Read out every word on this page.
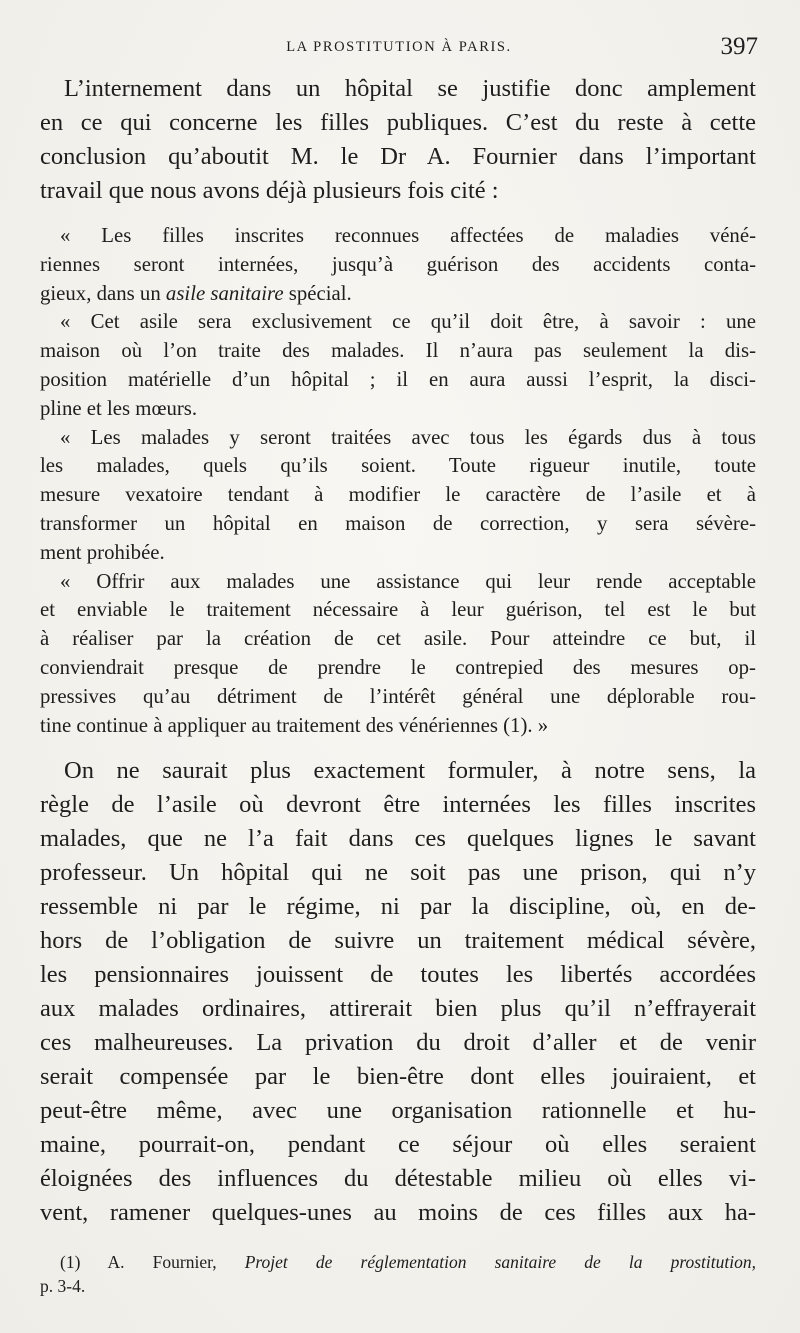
LA PROSTITUTION À PARIS.	397

L’internement dans un hôpital se justifie donc amplement

en ce qui concerne les filles publiques. C’est du reste à cette

conclusion qu’aboutit M. le Dr A. Fournier dans l’important

travail que nous avons déjà plusieurs fois cité :

« Les filles inscrites reconnues affectées de maladies véné-

riennes seront internées, jusqu’à guérison des accidents conta-

gieux, dans un asile sanitaire spécial.

« Cet asile sera exclusivement ce qu’il doit être, à savoir : une

maison où l’on traite des malades. Il n’aura pas seulement la dis-

position matérielle d’un hôpital ; il en aura aussi l’esprit, la disci-

pline et les mœurs.

« Les malades y seront traitées avec tous les égards dus à tous

les malades, quels qu’ils soient. Toute rigueur inutile, toute

mesure vexatoire tendant à modifier le caractère de l’asile et à

transformer un hôpital en maison de correction, y sera sévère-

ment prohibée.

« Offrir aux malades une assistance qui leur rende acceptable

et enviable le traitement nécessaire à leur guérison, tel est le but

à réaliser par la création de cet asile. Pour atteindre ce but, il

conviendrait presque de prendre le contrepied des mesures op-

pressives qu’au détriment de l’intérêt général une déplorable rou-

tine continue à appliquer au traitement des vénériennes (1). »

On ne saurait plus exactement formuler, à notre sens, la

règle de l’asile où devront être internées les filles inscrites

malades, que ne l’a fait dans ces quelques lignes le savant

professeur. Un hôpital qui ne soit pas une prison, qui n’y

ressemble ni par le régime, ni par la discipline, où, en de-

hors de l’obligation de suivre un traitement médical sévère,

les pensionnaires jouissent de toutes les libertés accordées

aux malades ordinaires, attirerait bien plus qu’il n’effrayerait

ces malheureuses. La privation du droit d’aller et de venir

serait compensée par le bien-être dont elles jouiraient, et

peut-être même, avec une organisation rationnelle et hu-

maine, pourrait-on, pendant ce séjour où elles seraient

éloignées des influences du détestable milieu où elles vi-

vent, ramener quelques-unes au moins de ces filles aux ha-

(1) A. Fournier, Projet de réglementation sanitaire de la prostitution,

p. 3-4.
